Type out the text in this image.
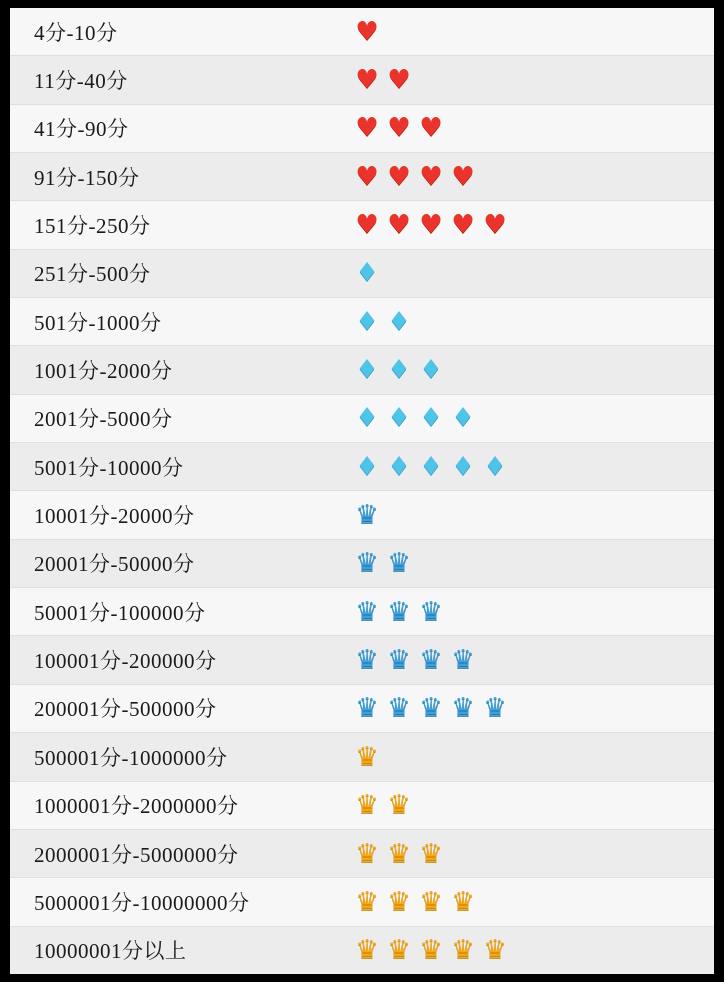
4分-10分	♥
11分-40分	♥ ♥
41分-90分	♥ ♥ ♥
91分-150分	♥ ♥ ♥ ♥
151分-250分	♥ ♥ ♥ ♥ ♥
251分-500分	♦
501分-1000分	♦ ♦
1001分-2000分	♦ ♦ ♦
2001分-5000分	♦ ♦ ♦ ♦
5001分-10000分	♦ ♦ ♦ ♦ ♦
10001分-20000分	♛
20001分-50000分	♛ ♛
50001分-100000分	♛ ♛ ♛
100001分-200000分	♛ ♛ ♛ ♛
200001分-500000分	♛ ♛ ♛ ♛ ♛
500001分-1000000分	♛
1000001分-2000000分	♛ ♛
2000001分-5000000分	♛ ♛ ♛
5000001分-10000000分	♛ ♛ ♛ ♛
10000001分以上	♛ ♛ ♛ ♛ ♛
